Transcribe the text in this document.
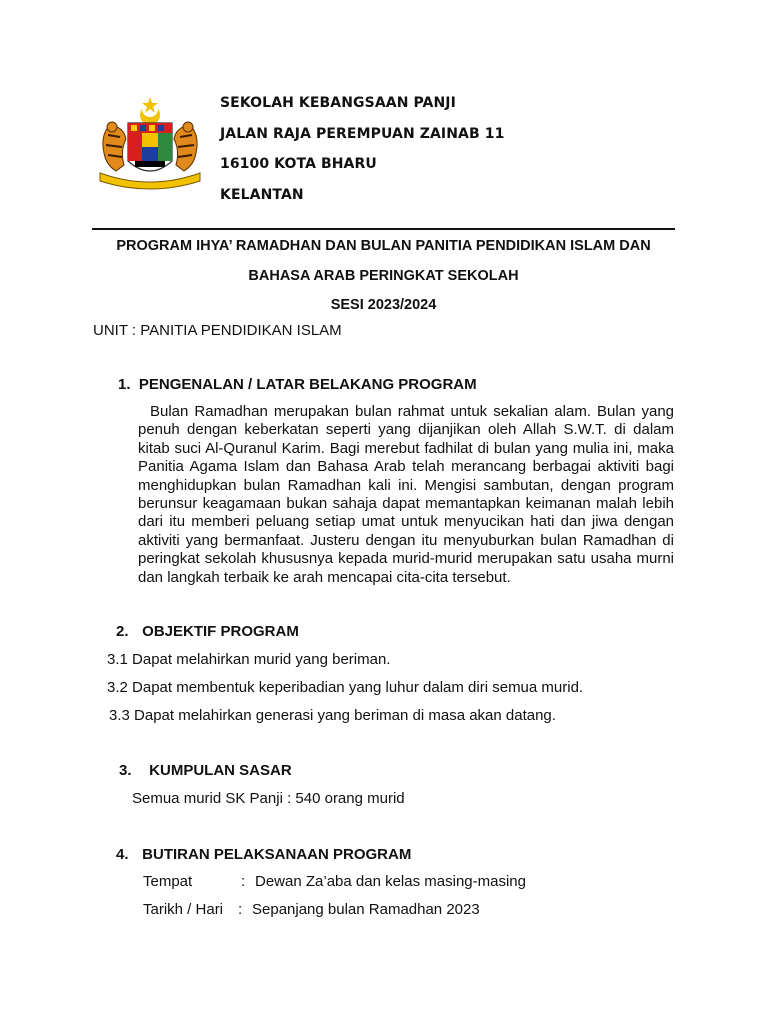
SEKOLAH KEBANGSAAN PANJI
JALAN RAJA PEREMPUAN ZAINAB 11
16100 KOTA BHARU
KELANTAN
PROGRAM IHYA’ RAMADHAN DAN BULAN PANITIA PENDIDIKAN ISLAM DAN
BAHASA ARAB PERINGKAT SEKOLAH
SESI 2023/2024
UNIT : PANITIA PENDIDIKAN ISLAM
1. PENGENALAN / LATAR BELAKANG PROGRAM

Bulan Ramadhan merupakan bulan rahmat untuk sekalian alam. Bulan yang penuh dengan keberkatan seperti yang dijanjikan oleh Allah S.W.T. di dalam kitab suci Al-Quranul Karim. Bagi merebut fadhilat di bulan yang mulia ini, maka Panitia Agama Islam dan Bahasa Arab telah merancang berbagai aktiviti bagi menghidupkan bulan Ramadhan kali ini. Mengisi sambutan, dengan program berunsur keagamaan bukan sahaja dapat memantapkan keimanan malah lebih dari itu memberi peluang setiap umat untuk menyucikan hati dan jiwa dengan aktiviti yang bermanfaat. Justeru dengan itu menyuburkan bulan Ramadhan di peringkat sekolah khususnya kepada murid-murid merupakan satu usaha murni dan langkah terbaik ke arah mencapai cita-cita tersebut.

2. OBJEKTIF PROGRAM
3.1 Dapat melahirkan murid yang beriman.
3.2 Dapat membentuk keperibadian yang luhur dalam diri semua murid.
3.3 Dapat melahirkan generasi yang beriman di masa akan datang.
3. KUMPULAN SASAR
Semua murid SK Panji : 540 orang murid
4. BUTIRAN PELAKSANAAN PROGRAM
Tempat	: Dewan Za’aba dan kelas masing-masing
Tarikh / Hari : Sepanjang bulan Ramadhan 2023
